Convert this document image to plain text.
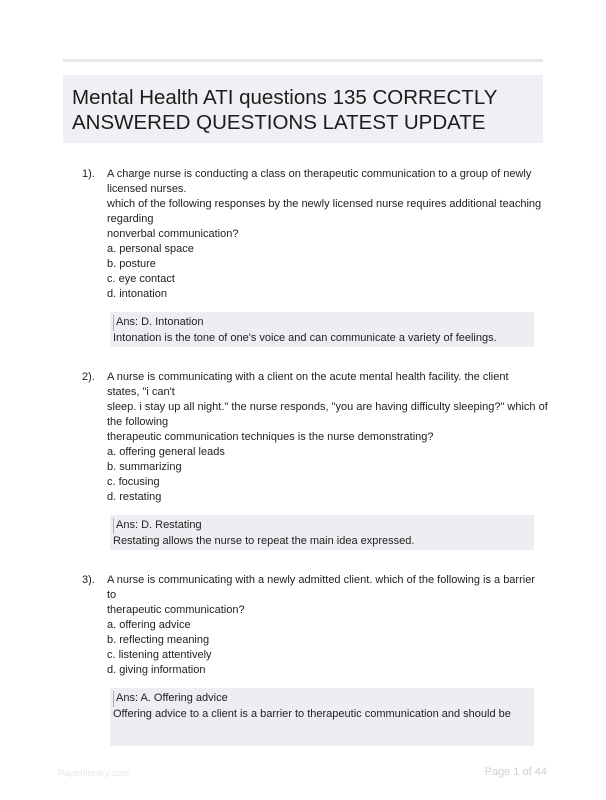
Mental Health ATI questions 135 CORRECTLY
ANSWERED QUESTIONS LATEST UPDATE
1). A charge nurse is conducting a class on therapeutic communication to a group of newly
licensed nurses.
which of the following responses by the newly licensed nurse requires additional teaching
regarding
nonverbal communication?
a. personal space
b. posture
c. eye contact
d. intonation
Ans: D. Intonation
Intonation is the tone of one's voice and can communicate a variety of feelings.
2). A nurse is communicating with a client on the acute mental health facility. the client
states, "i can't
sleep. i stay up all night." the nurse responds, "you are having difficulty sleeping?" which of
the following
therapeutic communication techniques is the nurse demonstrating?
a. offering general leads
b. summarizing
c. focusing
d. restating
Ans: D. Restating
Restating allows the nurse to repeat the main idea expressed.
3). A nurse is communicating with a newly admitted client. which of the following is a barrier
to
therapeutic communication?
a. offering advice
b. reflecting meaning
c. listening attentively
d. giving information
Ans: A. Offering advice
Offering advice to a client is a barrier to therapeutic communication and should be
Paperlibrary.com	Page 1 of 44
